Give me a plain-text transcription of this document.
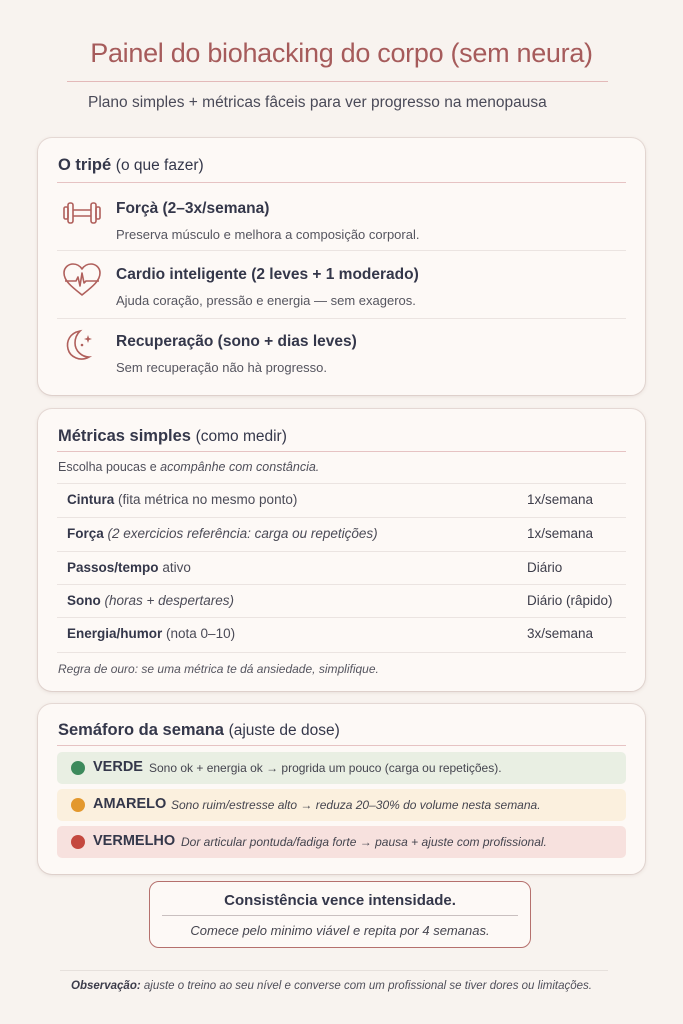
Painel do biohacking do corpo (sem neura)
Plano simples + métricas fâceis para ver progresso na menopausa
O tripé (o que fazer)
Forçà (2–3x/semana)
Preserva músculo e melhora a composição corporal.
Cardio inteligente (2 leves + 1 moderado)
Ajuda coração, pressão e energia — sem exageros.
Recuperação (sono + dias leves)
Sem recuperação não hà progresso.
Métricas simples (como medir)
Escolha poucas e acompânhe com constância.
Cintura (fita métrica no mesmo ponto)	1x/semana
Força (2 exercicios referência: carga ou repetições)	1x/semana
Passos/tempo ativo	Diário
Sono (horas + despertares)	Diário (râpido)
Energia/humor (nota 0–10)	3x/semana
Regra de ouro: se uma métrica te dá ansiedade, simplifique.
Semáforo da semana (ajuste de dose)
VERDE Sono ok + energia ok → progrida um pouco (carga ou repetições).
AMARELO Sono ruim/estresse alto → reduza 20–30% do volume nesta semana.
VERMELHO Dor articular pontuda/fadiga forte → pausa + ajuste com profissional.
Consistência vence intensidade.
Comece pelo minimo viável e repita por 4 semanas.
Observação: ajuste o treino ao seu nível e converse com um profissional se tiver dores ou limitações.
